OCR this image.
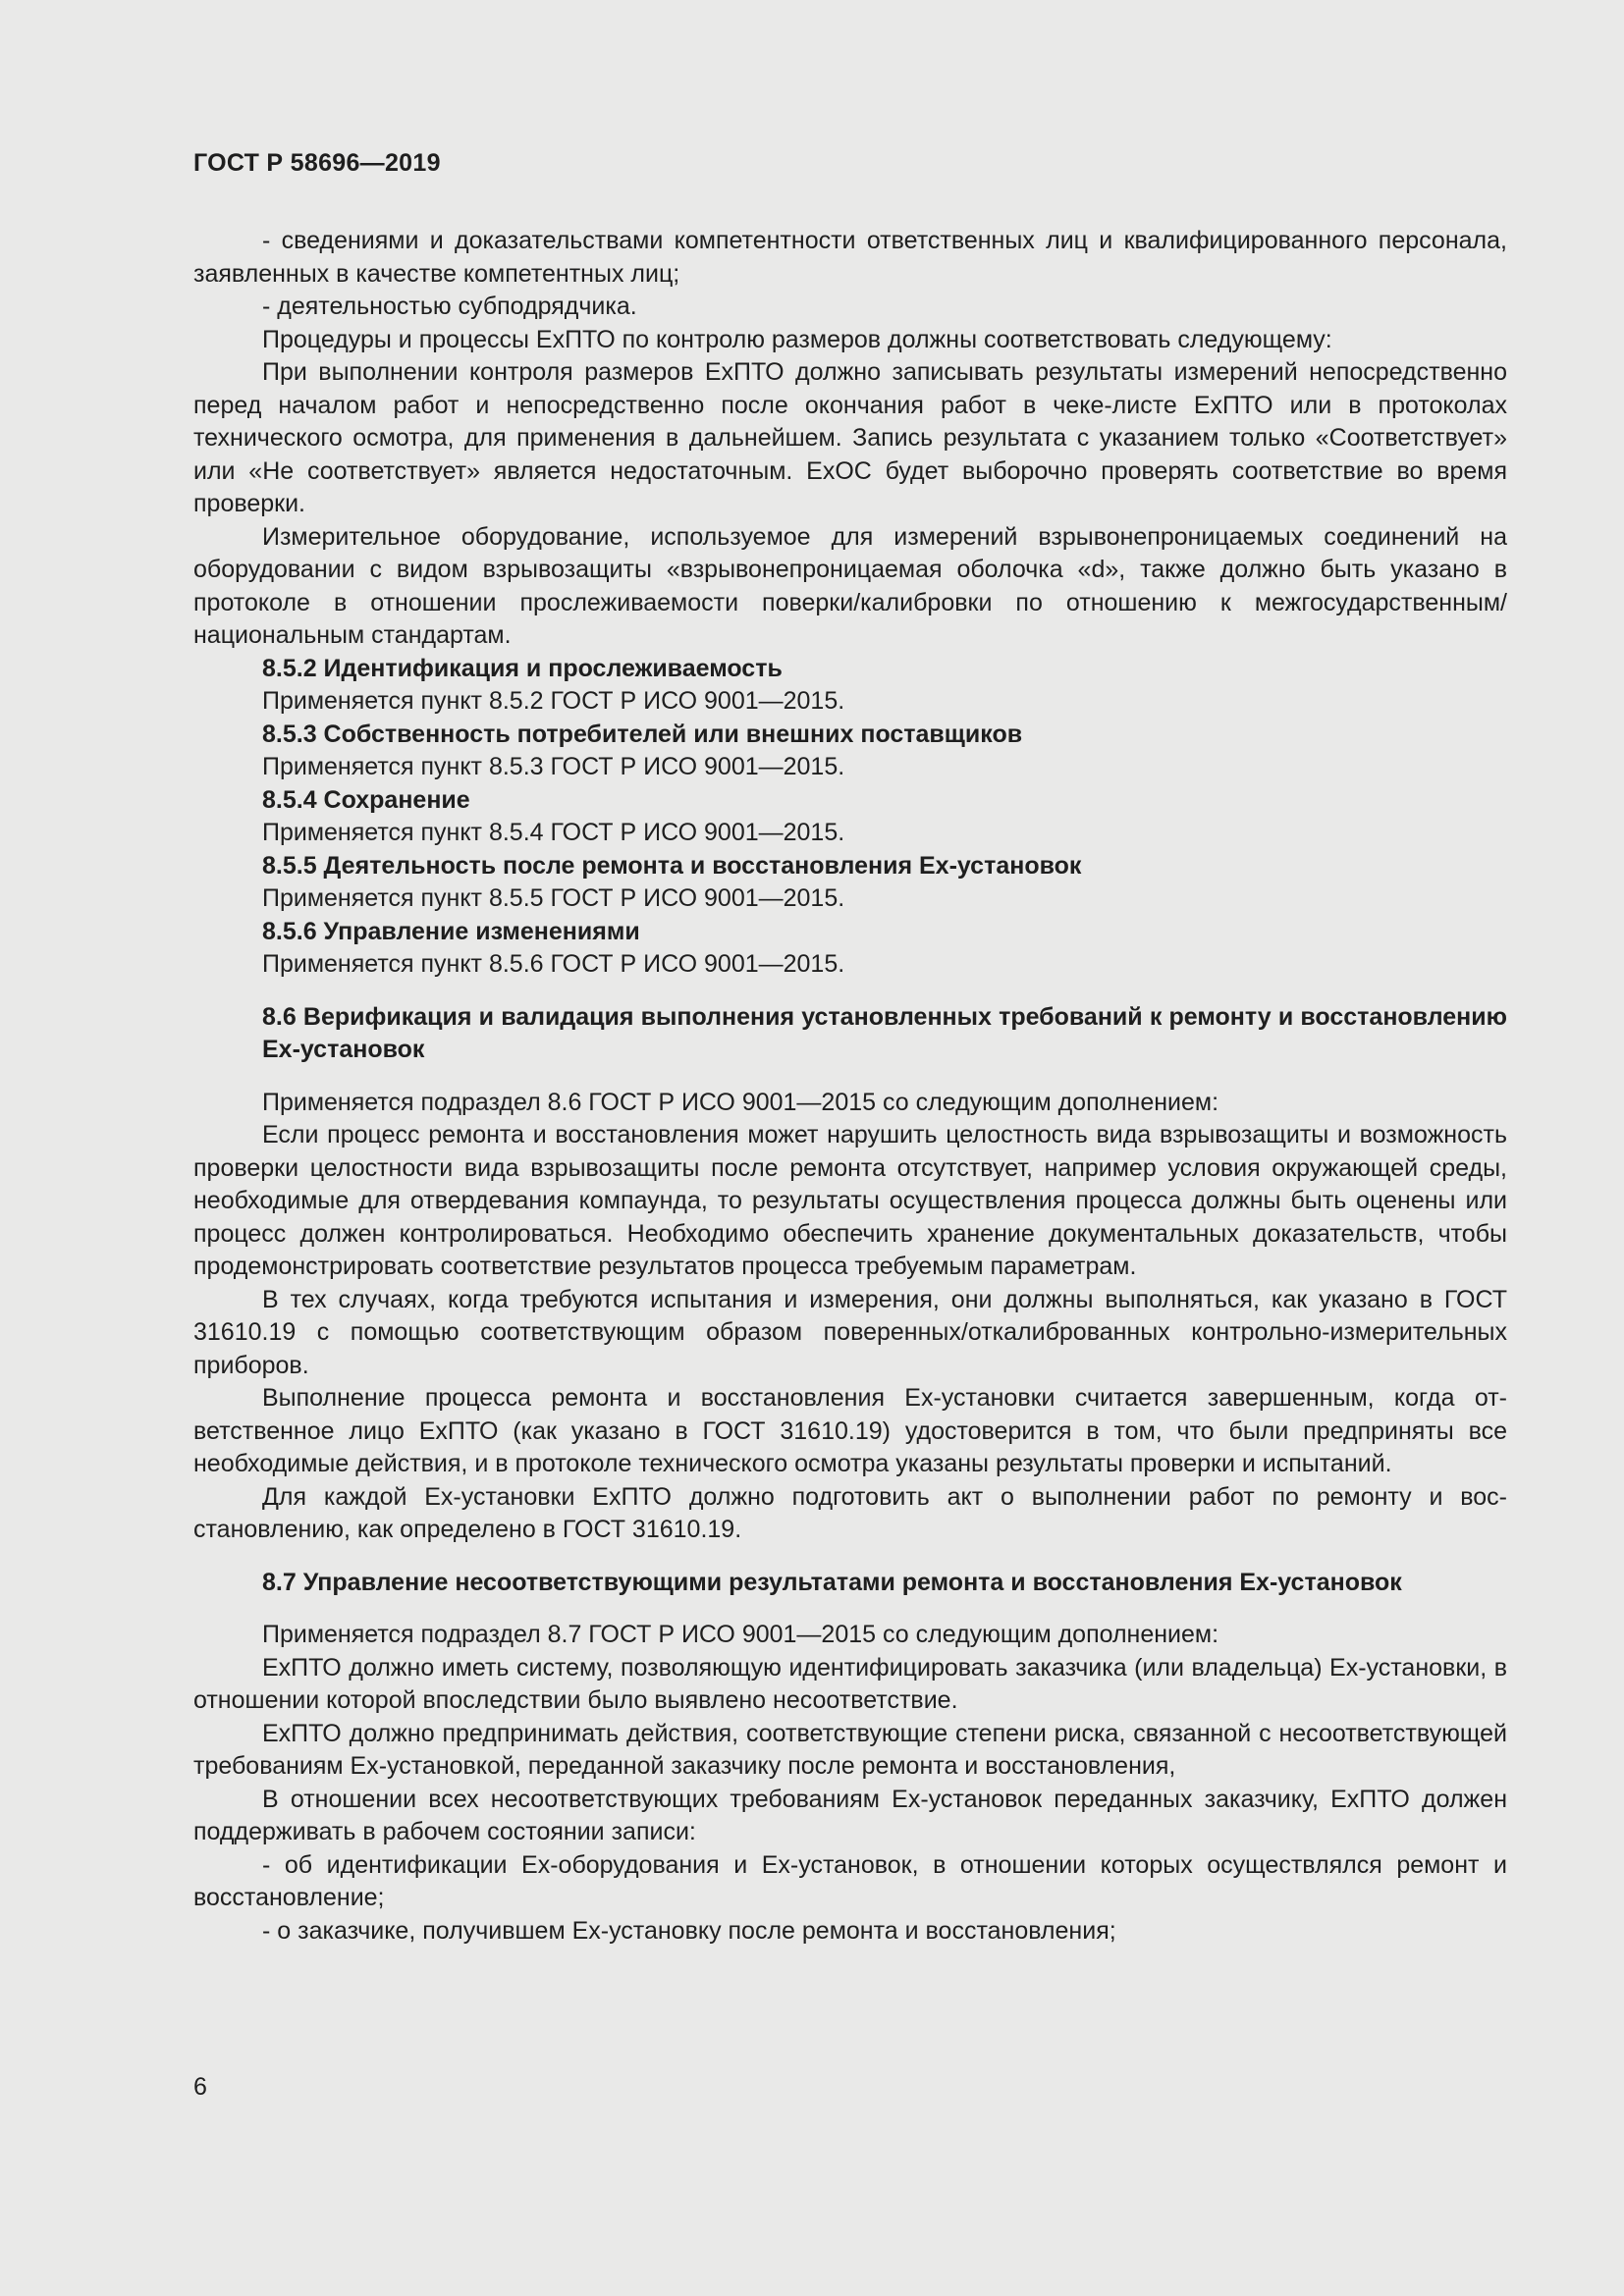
ГОСТ Р 58696—2019

- сведениями и доказательствами компетентности ответственных лиц и квалифицированного персонала, заявленных в качестве компетентных лиц;

- деятельностью субподрядчика.

Процедуры и процессы ЕхПТО по контролю размеров должны соответствовать следующему:

При выполнении контроля размеров ЕхПТО должно записывать результаты измерений непосредственно перед началом работ и непосредственно после окончания работ в чеке-листе ЕхПТО или в протоколах технического осмотра, для применения в дальнейшем. Запись результата с указанием только «Соответствует» или «Не соответствует» является недостаточным. ЕхОС будет выборочно проверять соответствие во время проверки.

Измерительное оборудование, используемое для измерений взрывонепроницаемых соединений на оборудовании с видом взрывозащиты «взрывонепроницаемая оболочка «d», также должно быть указано в протоколе в отношении прослеживаемости поверки/калибровки по отношению к межгосударственным/национальным стандартам.

8.5.2 Идентификация и прослеживаемость

Применяется пункт 8.5.2 ГОСТ Р ИСО 9001—2015.

8.5.3 Собственность потребителей или внешних поставщиков

Применяется пункт 8.5.3 ГОСТ Р ИСО 9001—2015.

8.5.4 Сохранение

Применяется пункт 8.5.4 ГОСТ Р ИСО 9001—2015.

8.5.5 Деятельность после ремонта и восстановления Ех-установок

Применяется пункт 8.5.5 ГОСТ Р ИСО 9001—2015.

8.5.6 Управление изменениями

Применяется пункт 8.5.6 ГОСТ Р ИСО 9001—2015.

8.6 Верификация и валидация выполнения установленных требований к ремонту и восстановлению Ех-установок

Применяется подраздел 8.6 ГОСТ Р ИСО 9001—2015 со следующим дополнением:

Если процесс ремонта и восстановления может нарушить целостность вида взрывозащиты и возможность проверки целостности вида взрывозащиты после ремонта отсутствует, например условия окружающей среды, необходимые для отвердевания компаунда, то результаты осуществления процесса должны быть оценены или процесс должен контролироваться. Необходимо обеспечить хранение документальных доказательств, чтобы продемонстрировать соответствие результатов процесса требуемым параметрам.

В тех случаях, когда требуются испытания и измерения, они должны выполняться, как указано в ГОСТ 31610.19 с помощью соответствующим образом поверенных/откалиброванных контрольно-измерительных приборов.

Выполнение процесса ремонта и восстановления Ех-установки считается завершенным, когда ответственное лицо ЕхПТО (как указано в ГОСТ 31610.19) удостоверится в том, что были предприняты все необходимые действия, и в протоколе технического осмотра указаны результаты проверки и испытаний.

Для каждой Ех-установки ЕхПТО должно подготовить акт о выполнении работ по ремонту и восстановлению, как определено в ГОСТ 31610.19.

8.7 Управление несоответствующими результатами ремонта и восстановления Ех-установок

Применяется подраздел 8.7 ГОСТ Р ИСО 9001—2015 со следующим дополнением:

ЕхПТО должно иметь систему, позволяющую идентифицировать заказчика (или владельца) Ех-установки, в отношении которой впоследствии было выявлено несоответствие.

ЕхПТО должно предпринимать действия, соответствующие степени риска, связанной с несоответствующей требованиям Ех-установкой, переданной заказчику после ремонта и восстановления,

В отношении всех несоответствующих требованиям Ех-установок переданных заказчику, ЕхПТО должен поддерживать в рабочем состоянии записи:

- об идентификации Ех-оборудования и Ех-установок, в отношении которых осуществлялся ремонт и восстановление;

- о заказчике, получившем Ех-установку после ремонта и восстановления;

6
